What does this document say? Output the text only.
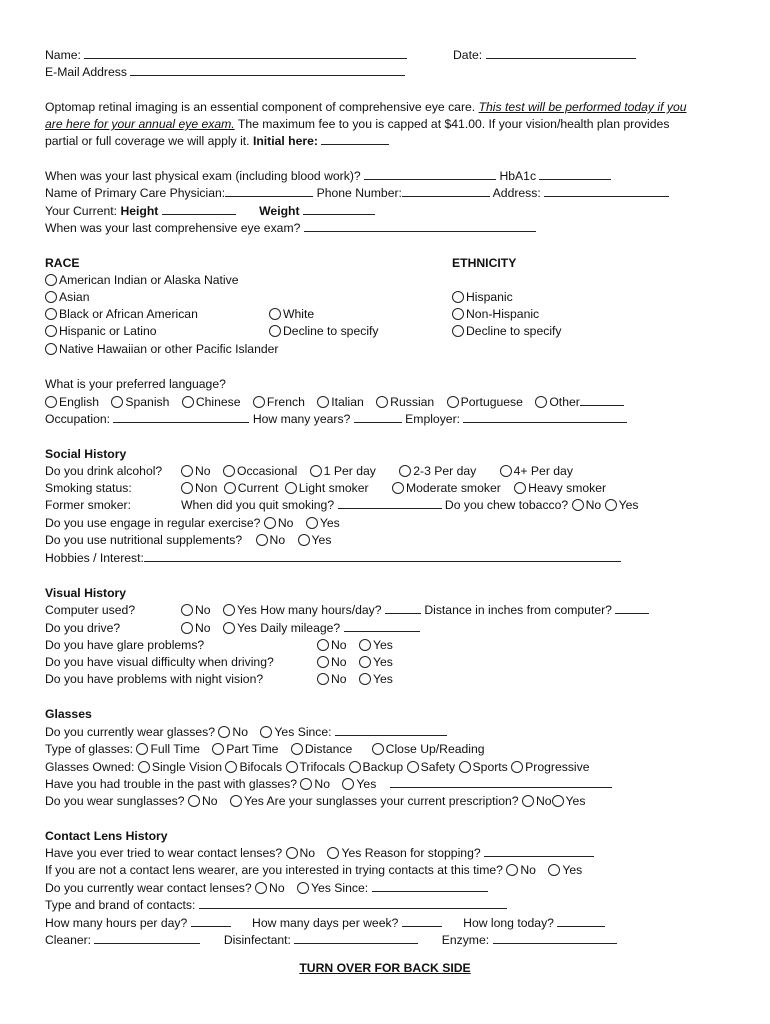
Name:	Date:
E-Mail Address
Optomap retinal imaging is an essential component of comprehensive eye care. This test will be performed today if you
are here for your annual eye exam. The maximum fee to you is capped at $41.00. If your vision/health plan provides
partial or full coverage we will apply it. Initial here:
When was your last physical exam (including blood work)?	HbA1c
Name of Primary Care Physician:	Phone Number:	Address:
Your Current: Height	Weight
When was your last comprehensive eye exam?
RACE	ETHNICITY
American Indian or Alaska Native
Asian
Black or African American	White
Hispanic or Latino	Decline to specify
Native Hawaiian or other Pacific Islander
Hispanic
Non-Hispanic
Decline to specify
What is your preferred language?
English Spanish Chinese French Italian Russian Portuguese Other
Occupation:	How many years?	Employer:
Social History
Do you drink alcohol?	No Occasional 1 Per day	2-3 Per day	4+ Per day
Smoking status:	Non Current Light smoker	Moderate smoker Heavy smoker
Former smoker:	When did you quit smoking?	Do you chew tobacco? No Yes
Do you use engage in regular exercise? No Yes
Do you use nutritional supplements? No Yes
Hobbies / Interest:
Visual History
Computer used?	No Yes How many hours/day?	Distance in inches from computer?
Do you drive?	No Yes Daily mileage?
Do you have glare problems?	No Yes
Do you have visual difficulty when driving?	No Yes
Do you have problems with night vision?	No Yes
Glasses
Do you currently wear glasses? No Yes Since:
Type of glasses: Full Time Part Time Distance	Close Up/Reading
Glasses Owned: Single Vision Bifocals Trifocals Backup Safety Sports Progressive
Have you had trouble in the past with glasses? No Yes
Do you wear sunglasses? No Yes Are your sunglasses your current prescription? No Yes
Contact Lens History
Have you ever tried to wear contact lenses? No Yes Reason for stopping?
If you are not a contact lens wearer, are you interested in trying contacts at this time? No Yes
Do you currently wear contact lenses? No Yes Since:
Type and brand of contacts:
How many hours per day?	How many days per week?	How long today?
Cleaner:	Disinfectant:	Enzyme:
TURN OVER FOR BACK SIDE
